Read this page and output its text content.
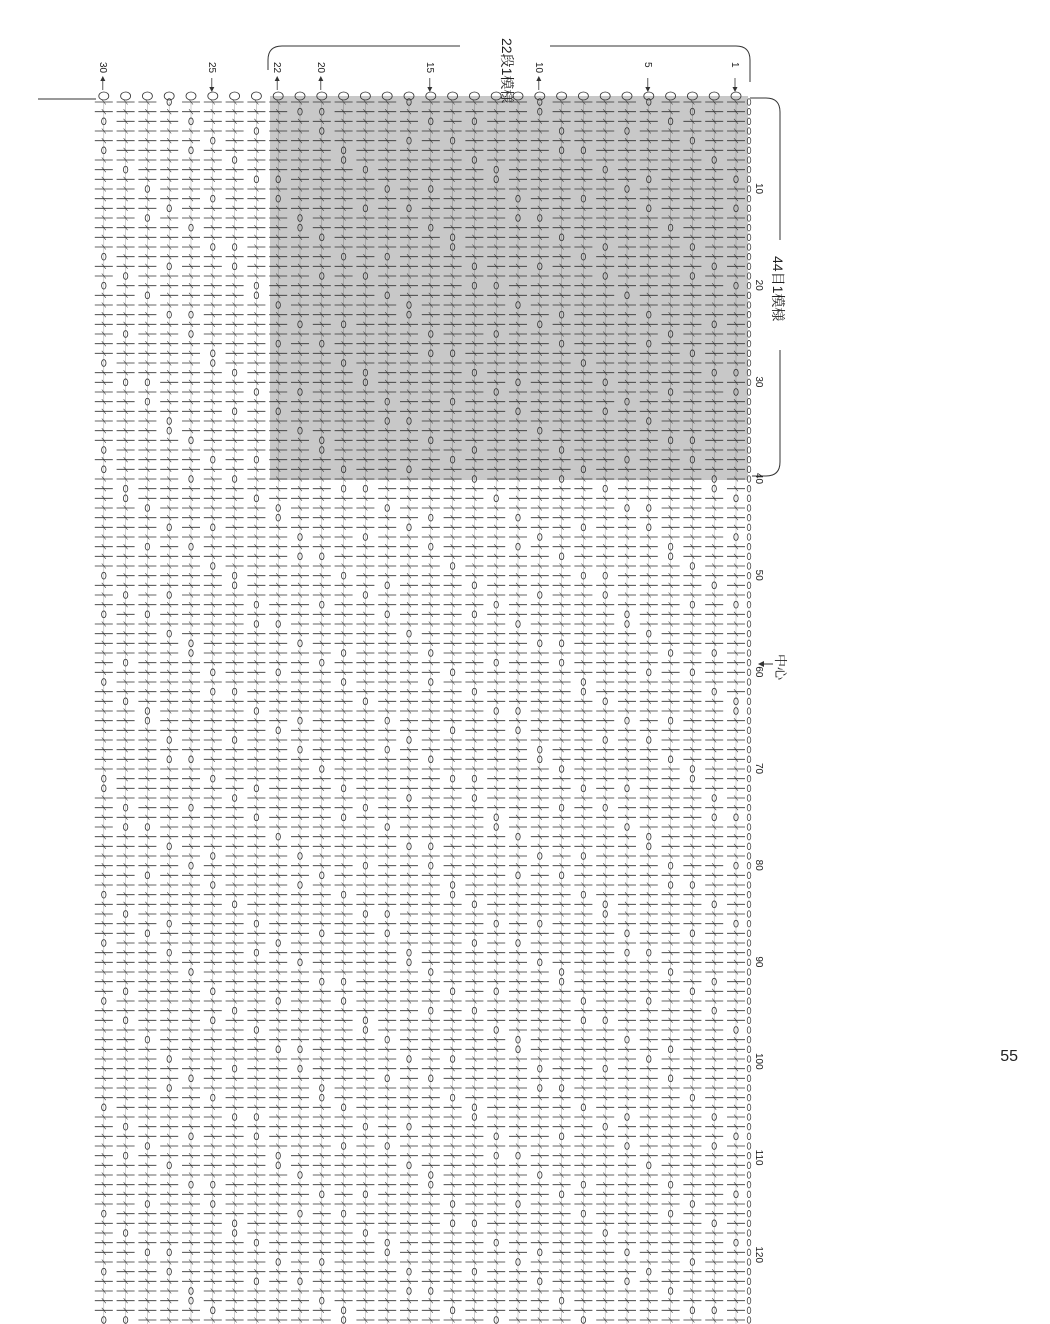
22段1模様
44目1模様
中心
1
5
10
15
20
22
25
30
10
20
30
40
50
60
70
80
90
100
110
120
55
